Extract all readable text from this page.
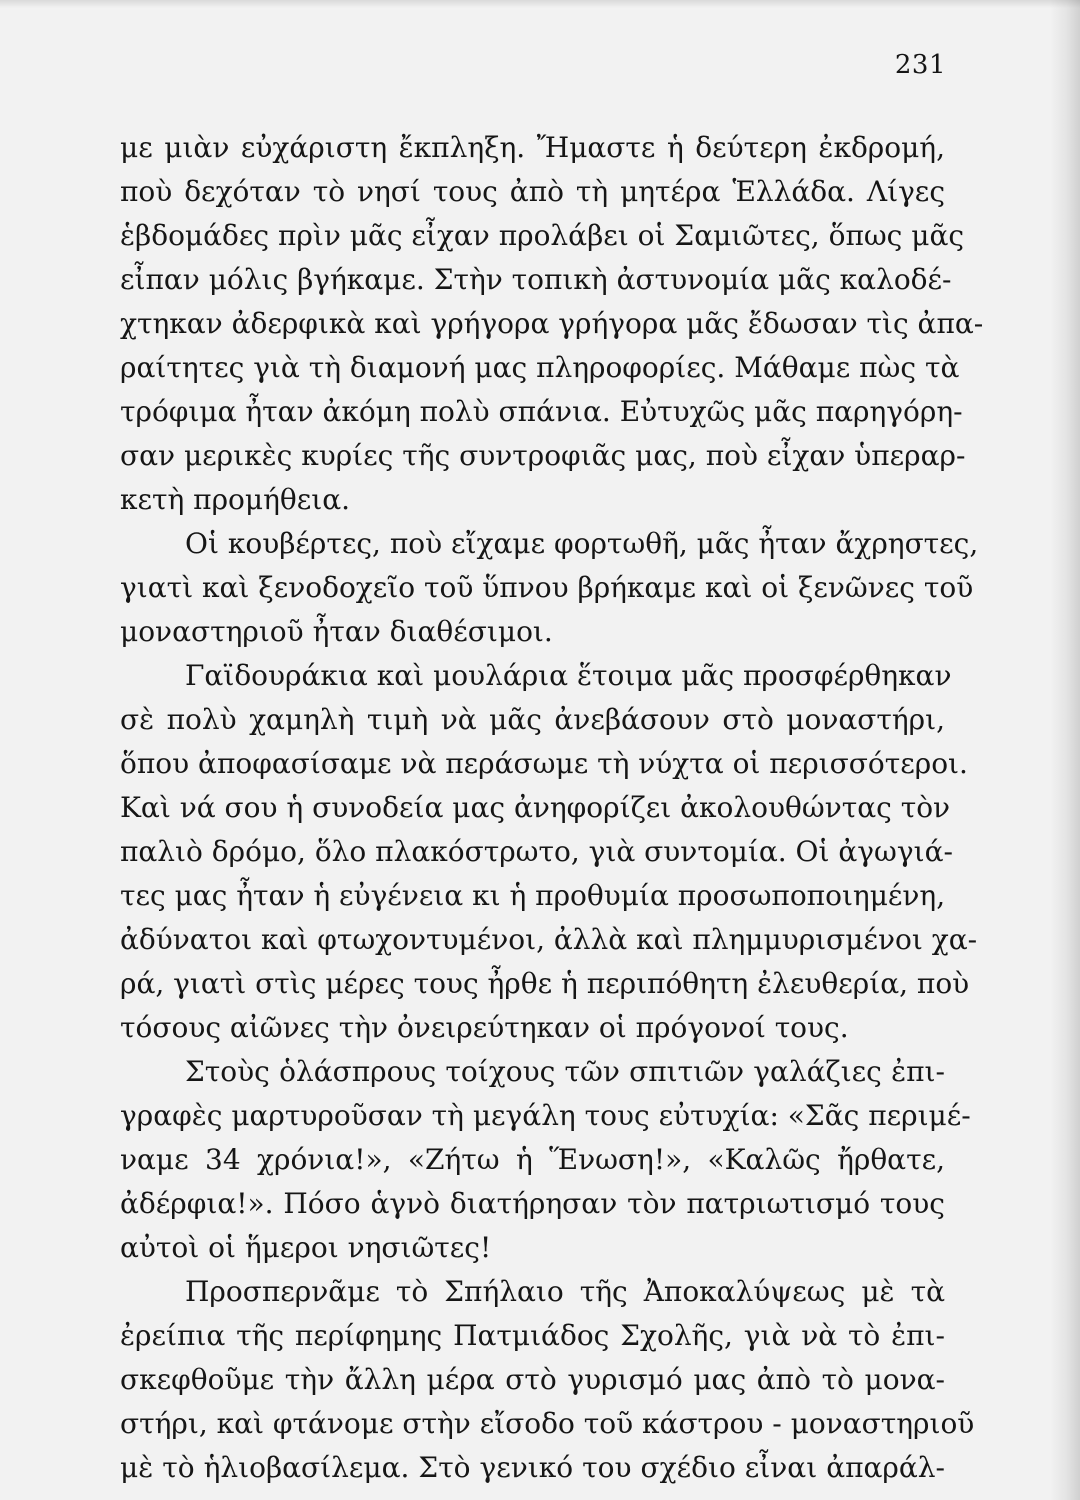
231
με μιὰν εὐχάριστη ἔκπληξη. Ἤμαστε ἡ δεύτερη ἐκδρομή,
ποὺ δεχόταν τὸ νησί τους ἀπὸ τὴ μητέρα Ἑλλάδα. Λίγες
ἑβδομάδες πρὶν μᾶς εἶχαν προλάβει οἱ Σαμιῶτες, ὅπως μᾶς
εἶπαν μόλις βγήκαμε. Στὴν τοπικὴ ἀστυνομία μᾶς καλοδέ-
χτηκαν ἀδερφικὰ καὶ γρήγορα γρήγορα μᾶς ἔδωσαν τὶς ἀπα-
ραίτητες γιὰ τὴ διαμονή μας πληροφορίες. Μάθαμε πὼς τὰ
τρόφιμα ἦταν ἀκόμη πολὺ σπάνια. Εὐτυχῶς μᾶς παρηγόρη-
σαν μερικὲς κυρίες τῆς συντροφιᾶς μας, ποὺ εἶχαν ὑπεραρ-
κετὴ προμήθεια.
Οἱ κουβέρτες, ποὺ εἴχαμε φορτωθῆ, μᾶς ἦταν ἄχρηστες,
γιατὶ καὶ ξενοδοχεῖο τοῦ ὕπνου βρήκαμε καὶ οἱ ξενῶνες τοῦ
μοναστηριοῦ ἦταν διαθέσιμοι.
Γαϊδουράκια καὶ μουλάρια ἕτοιμα μᾶς προσφέρθηκαν
σὲ πολὺ χαμηλὴ τιμὴ νὰ μᾶς ἀνεβάσουν στὸ μοναστήρι,
ὅπου ἀποφασίσαμε νὰ περάσωμε τὴ νύχτα οἱ περισσότεροι.
Καὶ νά σου ἡ συνοδεία μας ἀνηφορίζει ἀκολουθώντας τὸν
παλιὸ δρόμο, ὅλο πλακόστρωτο, γιὰ συντομία. Οἱ ἀγωγιά-
τες μας ἦταν ἡ εὐγένεια κι ἡ προθυμία προσωποποιημένη,
ἀδύνατοι καὶ φτωχοντυμένοι, ἀλλὰ καὶ πλημμυρισμένοι χα-
ρά, γιατὶ στὶς μέρες τους ἦρθε ἡ περιπόθητη ἐλευθερία, ποὺ
τόσους αἰῶνες τὴν ὀνειρεύτηκαν οἱ πρόγονοί τους.
Στοὺς ὁλάσπρους τοίχους τῶν σπιτιῶν γαλάζιες ἐπι-
γραφὲς μαρτυροῦσαν τὴ μεγάλη τους εὐτυχία: «Σᾶς περιμέ-
ναμε 34 χρόνια!», «Ζήτω ἡ Ἕνωση!», «Καλῶς ἤρθατε,
ἀδέρφια!». Πόσο ἁγνὸ διατήρησαν τὸν πατριωτισμό τους
αὐτοὶ οἱ ἥμεροι νησιῶτες!
Προσπερνᾶμε τὸ Σπήλαιο τῆς Ἀποκαλύψεως μὲ τὰ
ἐρείπια τῆς περίφημης Πατμιάδος Σχολῆς, γιὰ νὰ τὸ ἐπι-
σκεφθοῦμε τὴν ἄλλη μέρα στὸ γυρισμό μας ἀπὸ τὸ μονα-
στήρι, καὶ φτάνομε στὴν εἴσοδο τοῦ κάστρου - μοναστηριοῦ
μὲ τὸ ἡλιοβασίλεμα. Στὸ γενικό του σχέδιο εἶναι ἀπαράλ-
